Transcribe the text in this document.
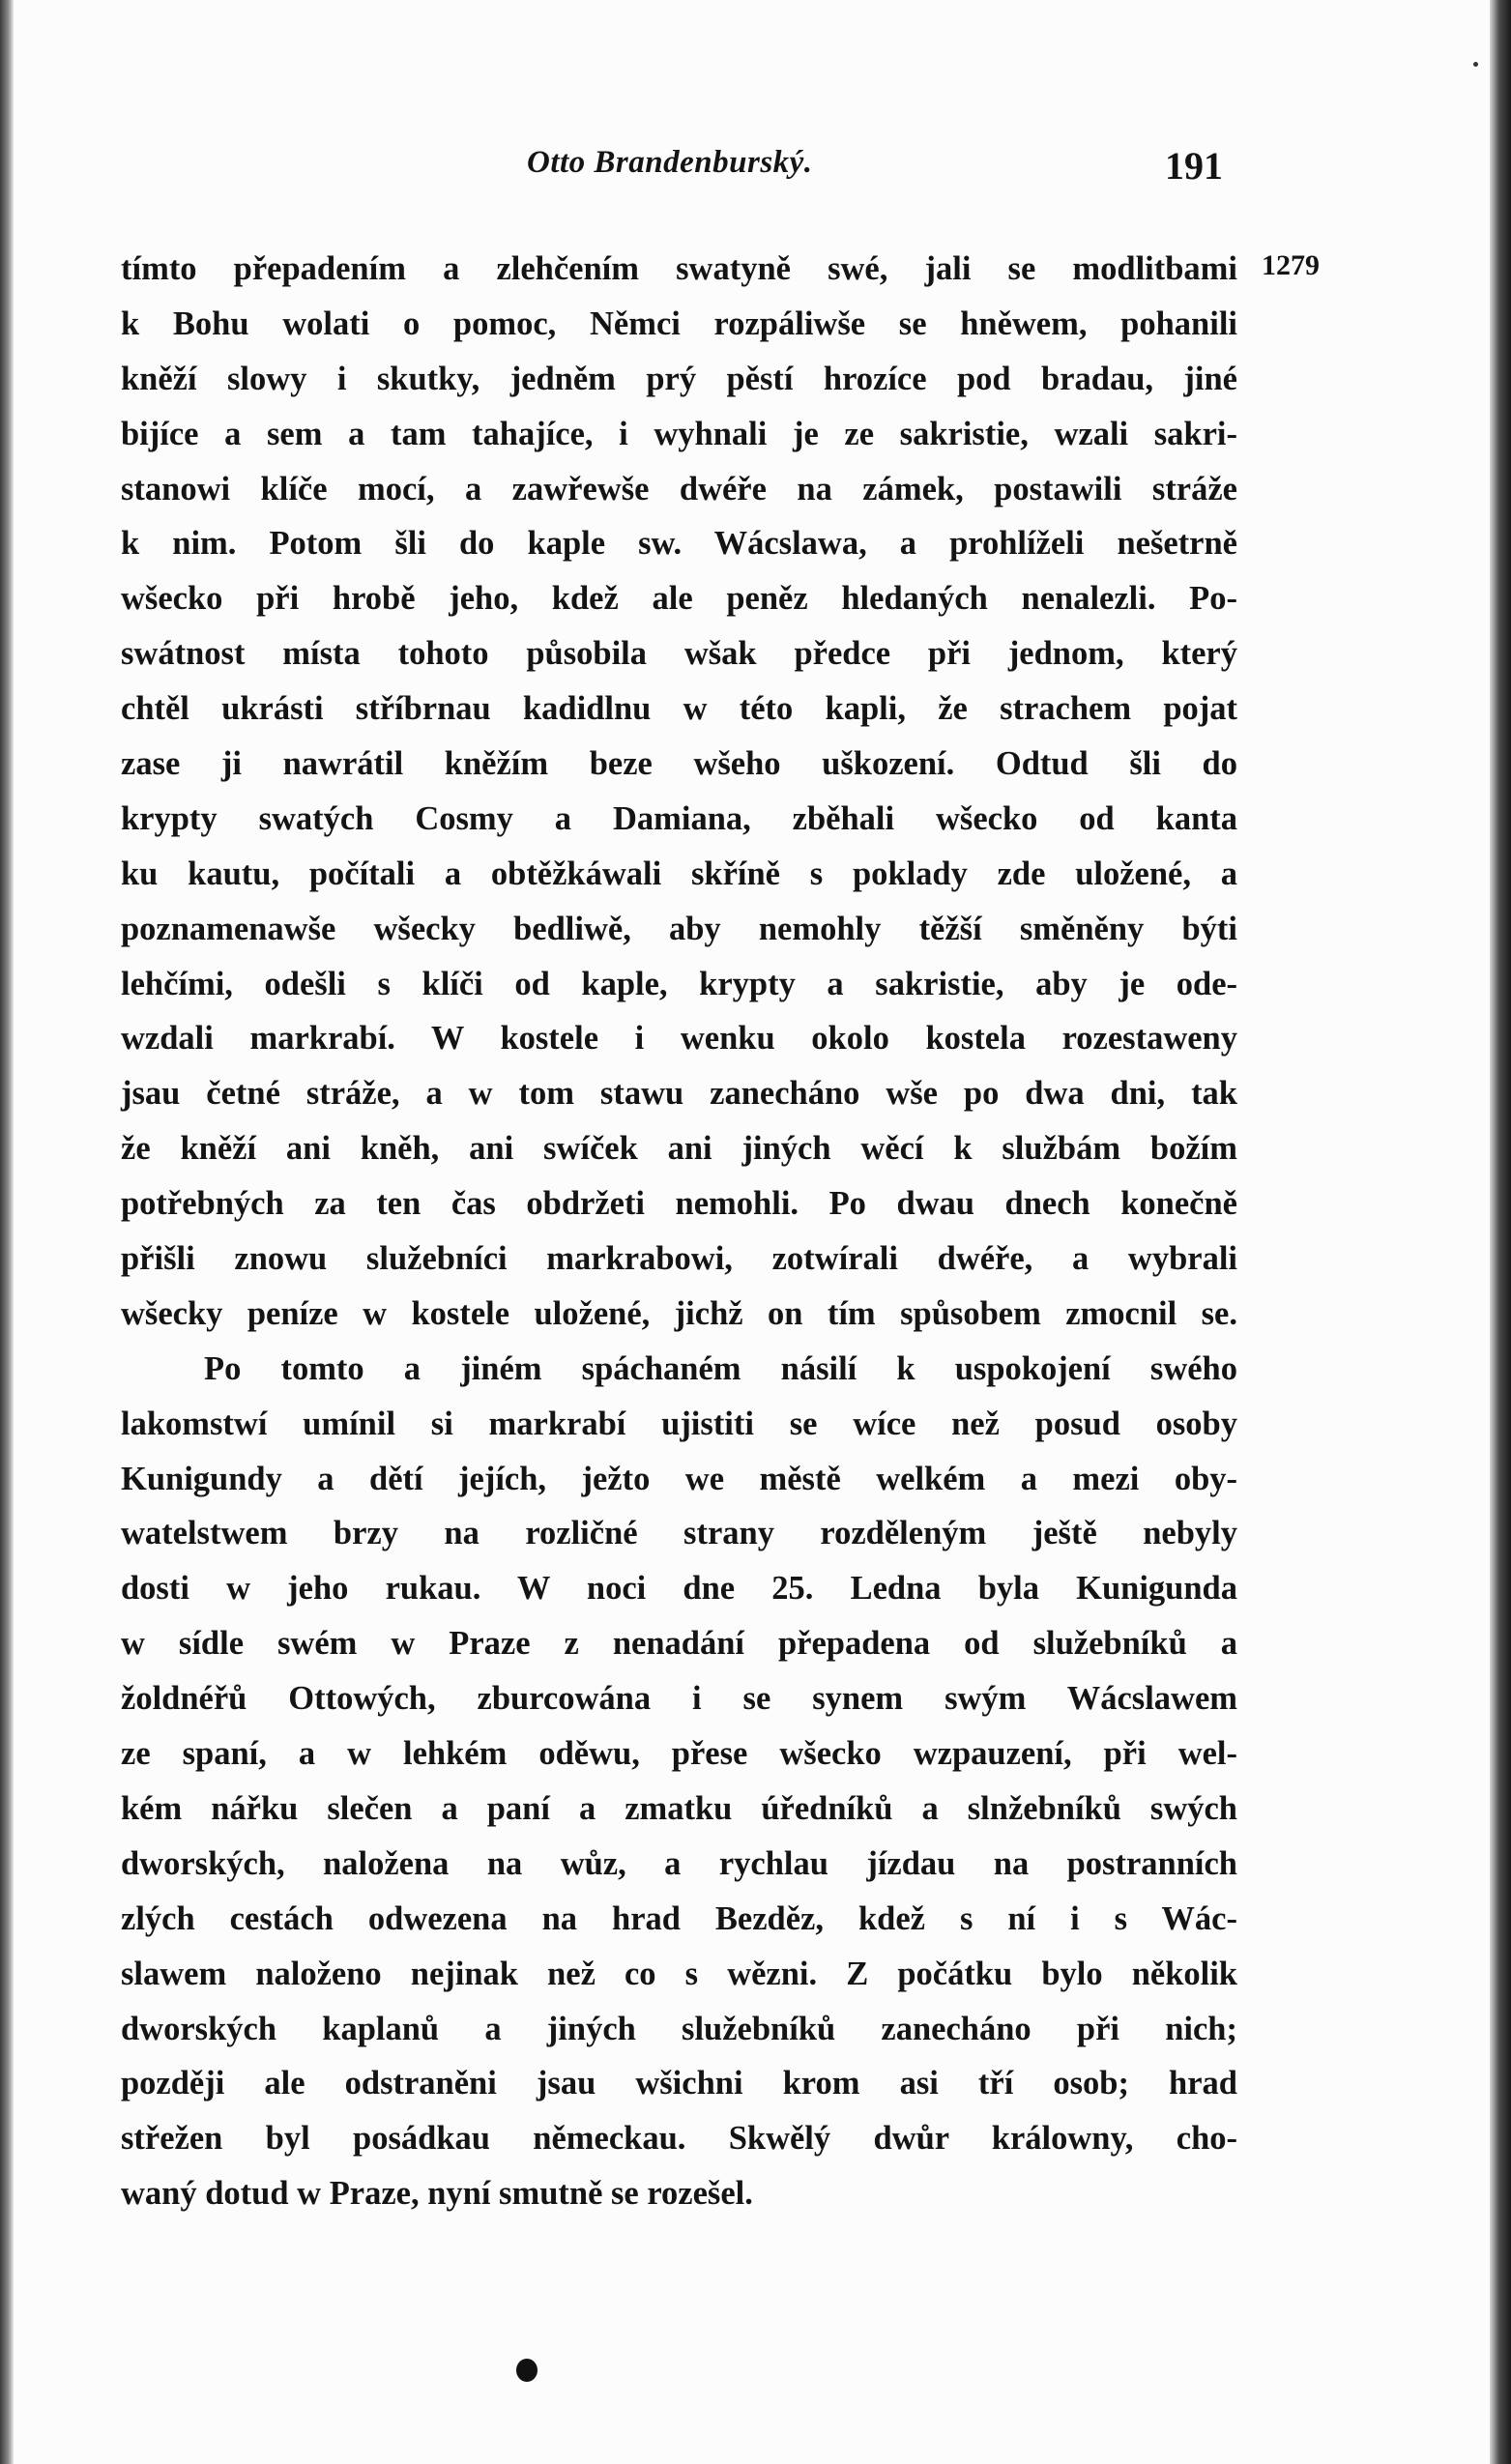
Otto Brandenburský.	191
1279
tímto přepadením a zlehčením swatyně swé, jali se modlitbami
k Bohu wolati o pomoc, Němci rozpáliwše se hněwem, pohanili
kněží slowy i skutky, jedněm prý pěstí hrozíce pod bradau, jiné
bijíce a sem a tam tahajíce, i wyhnali je ze sakristie, wzali sakri-
stanowi klíče mocí, a zawřewše dwéře na zámek, postawili stráže
k nim. Potom šli do kaple sw. Wácslawa, a prohlíželi nešetrně
wšecko při hrobě jeho, kdež ale peněz hledaných nenalezli. Po-
swátnost místa tohoto působila wšak předce při jednom, který
chtěl ukrásti stříbrnau kadidlnu w této kapli, že strachem pojat
zase ji nawrátil kněžím beze wšeho uškození. Odtud šli do
krypty swatých Cosmy a Damiana, zběhali wšecko od kanta
ku kautu, počítali a obtěžkáwali skříně s poklady zde uložené, a
poznamenawše wšecky bedliwě, aby nemohly těžší směněny býti
lehčími, odešli s klíči od kaple, krypty a sakristie, aby je ode-
wzdali markrabí. W kostele i wenku okolo kostela rozestaweny
jsau četné stráže, a w tom stawu zanecháno wše po dwa dni, tak
že kněží ani kněh, ani swíček ani jiných wěcí k službám božím
potřebných za ten čas obdržeti nemohli. Po dwau dnech konečně
přišli znowu služebníci markrabowi, zotwírali dwéře, a wybrali
wšecky peníze w kostele uložené, jichž on tím spůsobem zmocnil se.
Po tomto a jiném spáchaném násilí k uspokojení swého
lakomstwí umínil si markrabí ujistiti se wíce než posud osoby
Kunigundy a dětí jejích, ježto we městě welkém a mezi oby-
watelstwem brzy na rozličné strany rozděleným ještě nebyly
dosti w jeho rukau. W noci dne 25. Ledna byla Kunigunda
w sídle swém w Praze z nenadání přepadena od služebníků a
žoldnéřů Ottowých, zburcowána i se synem swým Wácslawem
ze spaní, a w lehkém oděwu, přese wšecko wzpauzení, při wel-
kém nářku slečen a paní a zmatku úředníků a slnžebníků swých
dworských, naložena na wůz, a rychlau jízdau na postranních
zlých cestách odwezena na hrad Bezděz, kdež s ní i s Wác-
slawem naloženo nejinak než co s wězni. Z počátku bylo několik
dworských kaplanů a jiných služebníků zanecháno při nich;
později ale odstraněni jsau wšichni krom asi tří osob; hrad
střežen byl posádkau německau. Skwělý dwůr králowny, cho-
waný dotud w Praze, nyní smutně se rozešel.
